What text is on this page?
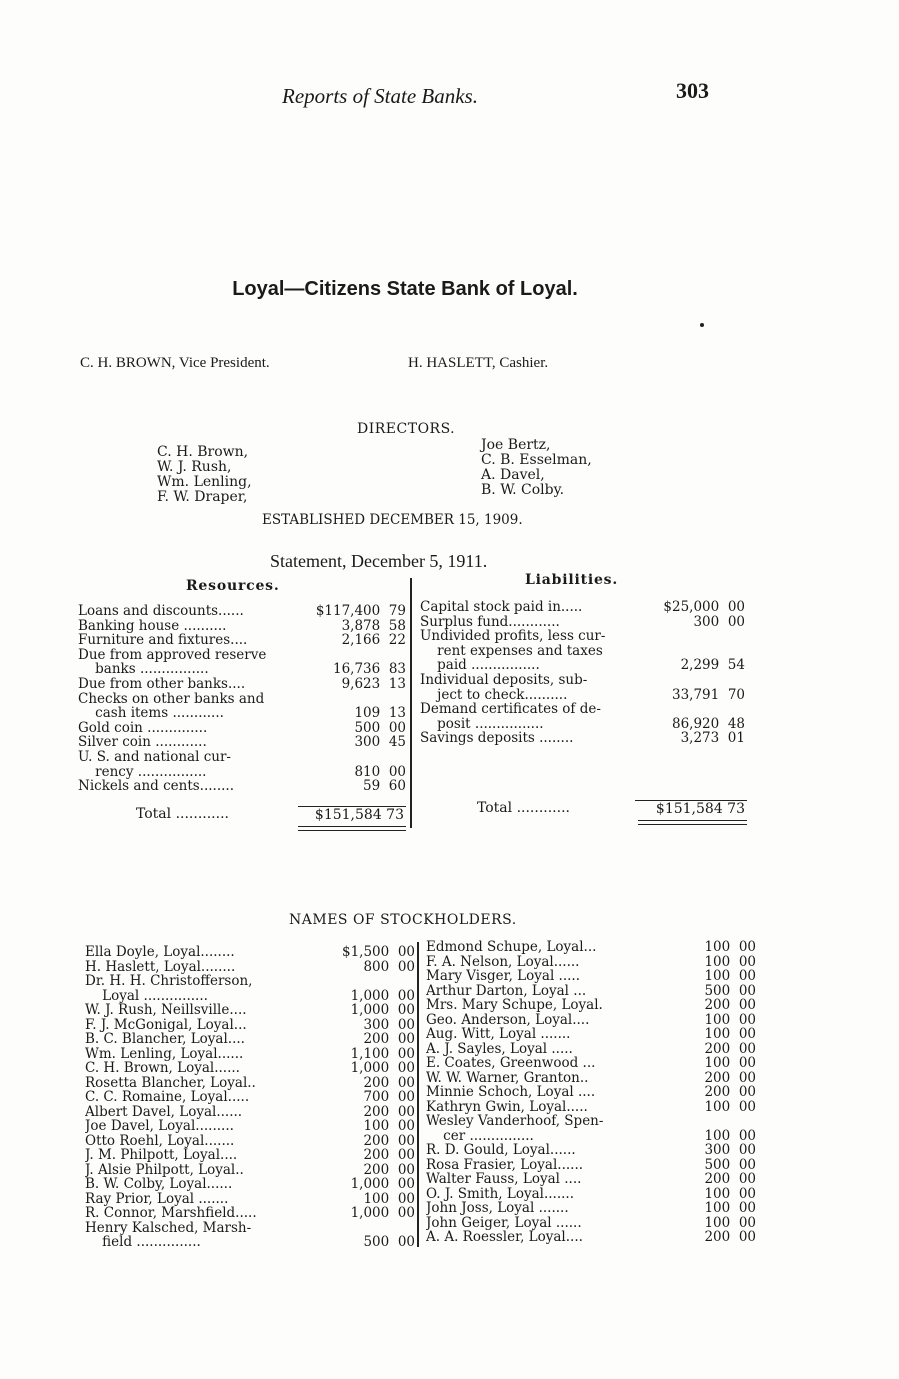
Reports of State Banks.	303
Loyal—Citizens State Bank of Loyal.
C. H. BROWN, Vice President.	H. HASLETT, Cashier.
DIRECTORS.
C. H. Brown,
W. J. Rush,
Wm. Lenling,
F. W. Draper,
Joe Bertz,
C. B. Esselman,
A. Davel,
B. W. Colby.
ESTABLISHED DECEMBER 15, 1909.
Statement, December 5, 1911.
Resources.	Liabilities.
Loans and discounts......	$117,400  79
Banking house ..........	3,878  58
Furniture and fixtures....	2,166  22
Due from approved reserve
banks ................	16,736  83
Due from other banks....	9,623  13
Checks on other banks and
cash items ............	109  13
Gold coin ..............	500  00
Silver coin ............	300  45
U. S. and national cur-
rency ................	810  00
Nickels and cents........	59  60
Capital stock paid in.....	$25,000  00
Surplus fund............	300  00
Undivided profits, less cur-
rent expenses and taxes
paid ................	2,299  54
Individual deposits, sub-
ject to check..........	33,791  70
Demand certificates of de-
posit ................	86,920  48
Savings deposits ........	3,273  01
Total ............	$151,584 73	Total ............	$151,584 73
NAMES OF STOCKHOLDERS.
Ella Doyle, Loyal........	$1,500  00
H. Haslett, Loyal........	800  00
Dr. H. H. Christofferson,
Loyal ...............	1,000  00
W. J. Rush, Neillsville....	1,000  00
F. J. McGonigal, Loyal...	300  00
B. C. Blancher, Loyal....	200  00
Wm. Lenling, Loyal......	1,100  00
C. H. Brown, Loyal......	1,000  00
Rosetta Blancher, Loyal..	200  00
C. C. Romaine, Loyal.....	700  00
Albert Davel, Loyal......	200  00
Joe Davel, Loyal.........	100  00
Otto Roehl, Loyal.......	200  00
J. M. Philpott, Loyal....	200  00
J. Alsie Philpott, Loyal..	200  00
B. W. Colby, Loyal......	1,000  00
Ray Prior, Loyal .......	100  00
R. Connor, Marshfield.....	1,000  00
Henry Kalsched, Marsh-
field ...............	500  00
Edmond Schupe, Loyal...	100  00
F. A. Nelson, Loyal......	100  00
Mary Visger, Loyal .....	100  00
Arthur Darton, Loyal ...	500  00
Mrs. Mary Schupe, Loyal.	200  00
Geo. Anderson, Loyal....	100  00
Aug. Witt, Loyal .......	100  00
A. J. Sayles, Loyal .....	200  00
E. Coates, Greenwood ...	100  00
W. W. Warner, Granton..	200  00
Minnie Schoch, Loyal ....	200  00
Kathryn Gwin, Loyal.....	100  00
Wesley Vanderhoof, Spen-
cer ...............	100  00
R. D. Gould, Loyal......	300  00
Rosa Frasier, Loyal......	500  00
Walter Fauss, Loyal ....	200  00
O. J. Smith, Loyal.......	100  00
John Joss, Loyal .......	100  00
John Geiger, Loyal ......	100  00
A. A. Roessler, Loyal....	200  00
